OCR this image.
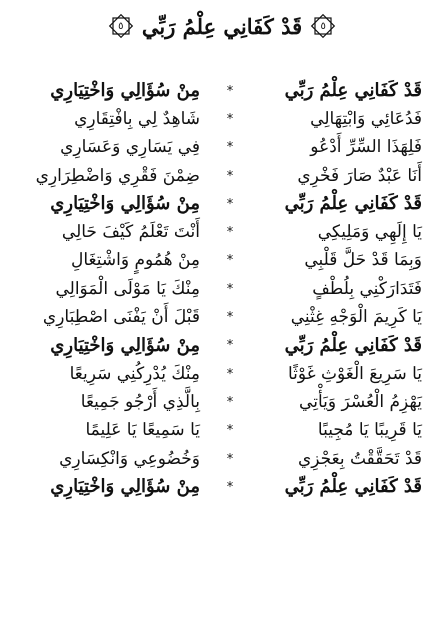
٥
قَدْ كَفَانِي عِلْمُ رَبِّي
٥
قَدْ كَفَانِي عِلْمُ رَبِّي
*
مِنْ سُؤَالِي وَاخْتِيَارِي
فَدُعَائِي وَابْتِهَالِي
*
شَاهِدٌ لِي بِافْتِقَارِي
فَلِهَذَا السِّرِّ أَدْعُو
*
فِي يَسَارِي وَعَسَارِي
أَنَا عَبْدٌ صَارَ فَخْرِي
*
ضِمْنَ فَقْرِي وَاضْطِرَارِي
قَدْ كَفَانِي عِلْمُ رَبِّي
*
مِنْ سُؤَالِي وَاخْتِيَارِي
يَا إِلَهِي وَمَلِيكِي
*
أَنْتَ تَعْلَمُ كَيْفَ حَالِي
وَبِمَا قَدْ حَلَّ قَلْبِي
*
مِنْ هُمُومٍ وَاشْتِغَالِ
فَتَدَارَكْنِي بِلُطْفٍ
*
مِنْكَ يَا مَوْلَى الْمَوَالِي
يَا كَرِيمَ الْوَجْهِ غِثْنِي
*
قَبْلَ أَنْ يَفْنَى اصْطِبَارِي
قَدْ كَفَانِي عِلْمُ رَبِّي
*
مِنْ سُؤَالِي وَاخْتِيَارِي
يَا سَرِيعَ الْغَوْثِ غَوْثًا
*
مِنْكَ يُدْرِكُنِي سَرِيعًا
يَهْزِمُ الْعُسْرَ وَيَأْتِي
*
بِالَّذِي أَرْجُو جَمِيعًا
يَا قَرِيبًا يَا مُجِيبًا
*
يَا سَمِيعًا يَا عَلِيمًا
قَدْ تَحَقَّقْتُ بِعَجْزِي
*
وَخُضُوعِي وَانْكِسَارِي
قَدْ كَفَانِي عِلْمُ رَبِّي
*
مِنْ سُؤَالِي وَاخْتِيَارِي
